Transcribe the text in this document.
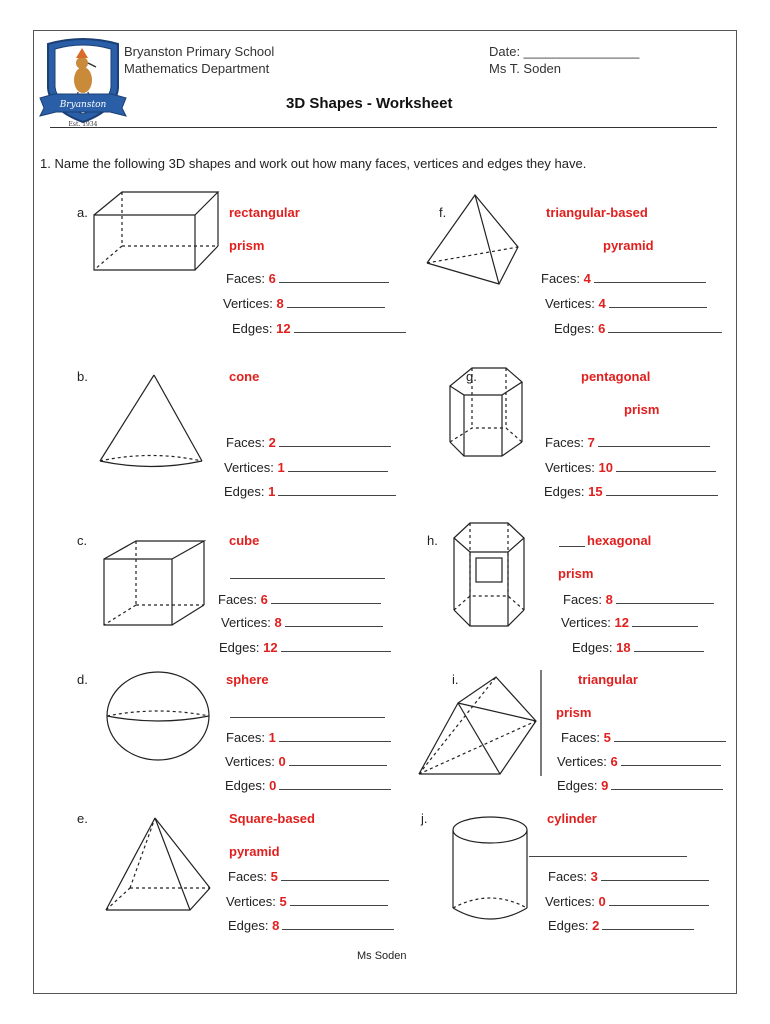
Bryanston
Est. 1934
Bryanston Primary School
Mathematics Department
Date: ________________
Ms T. Soden
3D Shapes - Worksheet
1. Name the following 3D shapes and work out how many faces, vertices and edges they have.
a.
b.
c.
d.
e.
f.
g.
h.
i.
j.
rectangular
prism
cone
cube
sphere
Square-based
pyramid
triangular-based
pyramid
pentagonal
prism
hexagonal
prism
triangular
prism
cylinder
Faces: 6
Vertices: 8
Edges: 12
Faces: 2
Vertices: 1
Edges: 1
Faces: 6
Vertices: 8
Edges: 12
Faces: 1
Vertices: 0
Edges: 0
Faces: 5
Vertices: 5
Edges: 8
Faces: 4
Vertices: 4
Edges: 6
Faces: 7
Vertices: 10
Edges: 15
Faces: 8
Vertices: 12
Edges: 18
Faces: 5
Vertices: 6
Edges: 9
Faces: 3
Vertices: 0
Edges: 2
Ms Soden
